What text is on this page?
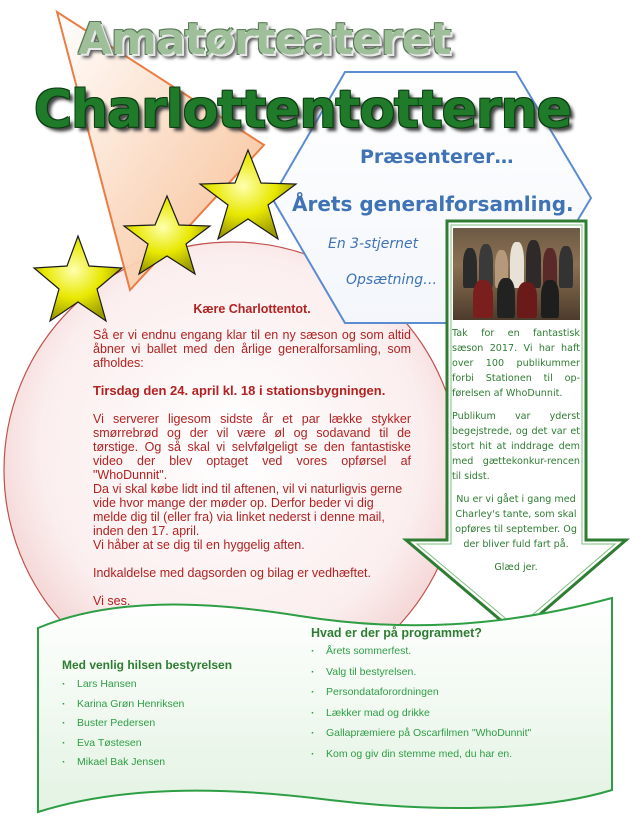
Amatørteateret
Charlottentotterne
Præsenterer…
Årets generalforsamling.
En 3-stjernet
Opsætning…

Kære Charlottentot.

Så er vi endnu engang klar til en ny sæson og som altid åbner vi ballet med den årlige generalforsamling, som afholdes:

Tirsdag den 24. april kl. 18 i stationsbygningen.

Vi serverer ligesom sidste år et par lække stykker smørrebrød og der vil være øl og sodavand til de tørstige. Og så skal vi selvfølgeligt se den fantastiske video der blev optaget ved vores opførsel af "WhoDunnit".

Da vi skal købe lidt ind til aftenen, vil vi naturligvis gerne vide hvor mange der møder op. Derfor beder vi dig melde dig til (eller fra) via linket nederst i denne mail, inden den 17. april.

Vi håber at se dig til en hyggelig aften.

Indkaldelse med dagsorden og bilag er vedhæftet.

Vi ses.

Tak for en fantastisk sæson 2017. Vi har haft over 100 publikummer forbi Stationen til op-førelsen af WhoDunnit.

Publikum var yderst begejstrede, og det var et stort hit at inddrage dem med gættekonkur-rencen til sidst.

Nu er vi gået i gang med Charley's tante, som skal opføres til september. Og der bliver fuld fart på.

Glæd jer.

Hvad er der på programmet?
· Årets sommerfest.
· Valg til bestyrelsen.
· Persondataforordningen
· Lækker mad og drikke
· Gallapræmiere på Oscarfilmen "WhoDunnit"
· Kom og giv din stemme med, du har en.
Med venlig hilsen bestyrelsen
· Lars Hansen
· Karina Grøn Henriksen
· Buster Pedersen
· Eva Tøstesen
· Mikael Bak Jensen
